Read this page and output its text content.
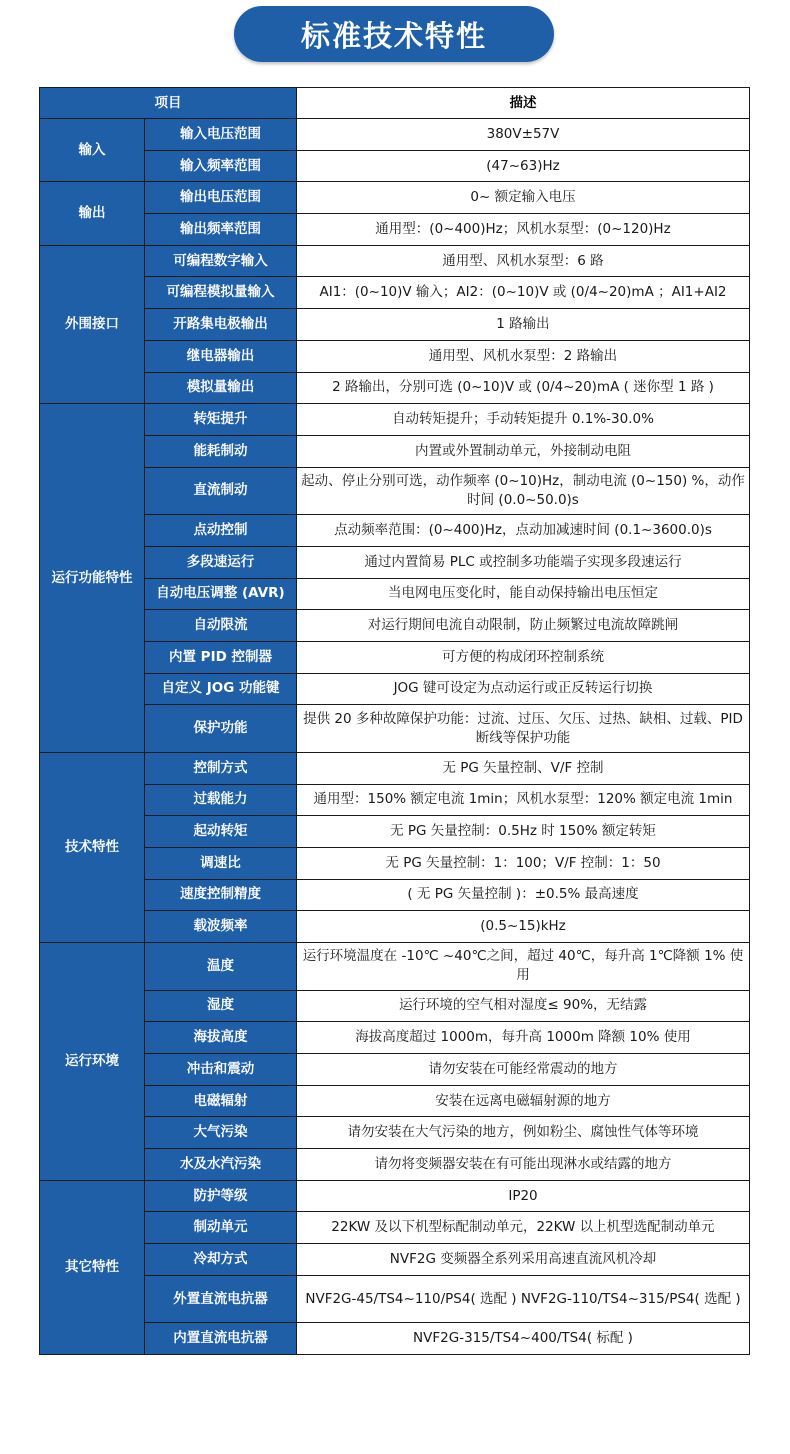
标准技术特性
项目		描述
输入	输入电压范围	380V±57V
	输入频率范围	(47~63)Hz
输出	输出电压范围	0~ 额定输入电压
	输出频率范围	通用型：(0~400)Hz；风机水泵型：(0~120)Hz
外围接口	可编程数字输入	通用型、风机水泵型：6 路
	可编程模拟量输入	AI1：(0~10)V 输入；AI2：(0~10)V 或 (0/4~20)mA ；AI1+AI2
	开路集电极输出	1 路输出
	继电器输出	通用型、风机水泵型：2 路输出
	模拟量输出	2 路输出，分别可选 (0~10)V 或 (0/4~20)mA ( 迷你型 1 路 )
运行功能特性	转矩提升	自动转矩提升；手动转矩提升 0.1%-30.0%
	能耗制动	内置或外置制动单元，外接制动电阻
	直流制动	起动、停止分别可选，动作频率 (0~10)Hz，制动电流 (0~150) %，动作时间 (0.0~50.0)s
	点动控制	点动频率范围：(0~400)Hz，点动加减速时间 (0.1~3600.0)s
	多段速运行	通过内置简易 PLC 或控制多功能端子实现多段速运行
	自动电压调整 (AVR)	当电网电压变化时，能自动保持输出电压恒定
	自动限流	对运行期间电流自动限制，防止频繁过电流故障跳闸
	内置 PID 控制器	可方便的构成闭环控制系统
	自定义 JOG 功能键	JOG 键可设定为点动运行或正反转运行切换
	保护功能	提供 20 多种故障保护功能：过流、过压、欠压、过热、缺相、过载、PID 断线等保护功能
技术特性	控制方式	无 PG 矢量控制、V/F 控制
	过载能力	通用型：150% 额定电流 1min；风机水泵型：120% 额定电流 1min
	起动转矩	无 PG 矢量控制：0.5Hz 时 150% 额定转矩
	调速比	无 PG 矢量控制：1：100；V/F 控制：1：50
	速度控制精度	( 无 PG 矢量控制 )：±0.5% 最高速度
	载波频率	(0.5~15)kHz
运行环境	温度	运行环境温度在 -10℃ ~40℃之间，超过 40℃，每升高 1℃降额 1% 使用
	湿度	运行环境的空气相对湿度≤ 90%，无结露
	海拔高度	海拔高度超过 1000m，每升高 1000m 降额 10% 使用
	冲击和震动	请勿安装在可能经常震动的地方
	电磁辐射	安装在远离电磁辐射源的地方
	大气污染	请勿安装在大气污染的地方，例如粉尘、腐蚀性气体等环境
	水及水汽污染	请勿将变频器安装在有可能出现淋水或结露的地方
其它特性	防护等级	IP20
	制动单元	22KW 及以下机型标配制动单元，22KW 以上机型选配制动单元
	冷却方式	NVF2G 变频器全系列采用高速直流风机冷却
	外置直流电抗器	NVF2G-45/TS4~110/PS4( 选配 ) NVF2G-110/TS4~315/PS4( 选配 )
	内置直流电抗器	NVF2G-315/TS4~400/TS4( 标配 )
